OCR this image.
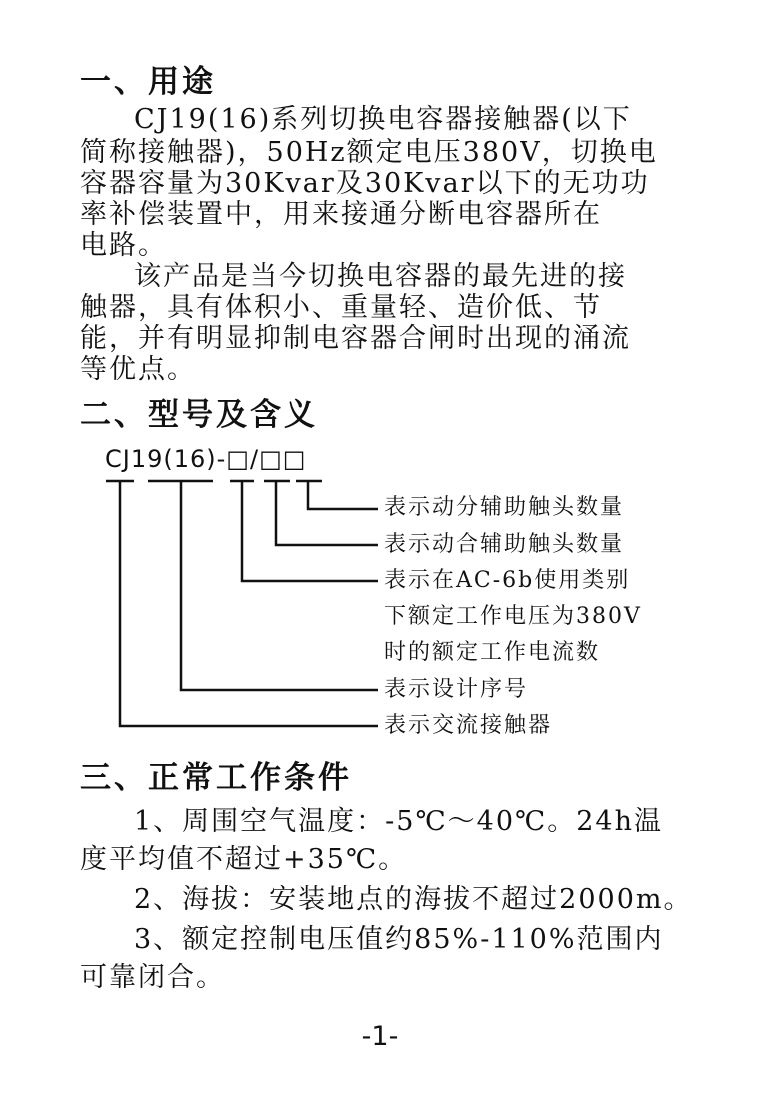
一、用途
CJ19(16)系列切换电容器接触器(以下
简称接触器)，50Hz额定电压380V，切换电
容器容量为30Kvar及30Kvar以下的无功功
率补偿装置中，用来接通分断电容器所在
电路。
该产品是当今切换电容器的最先进的接
触器，具有体积小、重量轻、造价低、节
能，并有明显抑制电容器合闸时出现的涌流
等优点。
二、型号及含义
CJ19(16)-□/□□
表示动分辅助触头数量
表示动合辅助触头数量
表示在AC-6b使用类别
下额定工作电压为380V
时的额定工作电流数
表示设计序号
表示交流接触器
三、正常工作条件
1、周围空气温度：-5℃～40℃。24h温
度平均值不超过+35℃。
2、海拔：安装地点的海拔不超过2000m。
3、额定控制电压值约85%-110%范围内
可靠闭合。
-1-
